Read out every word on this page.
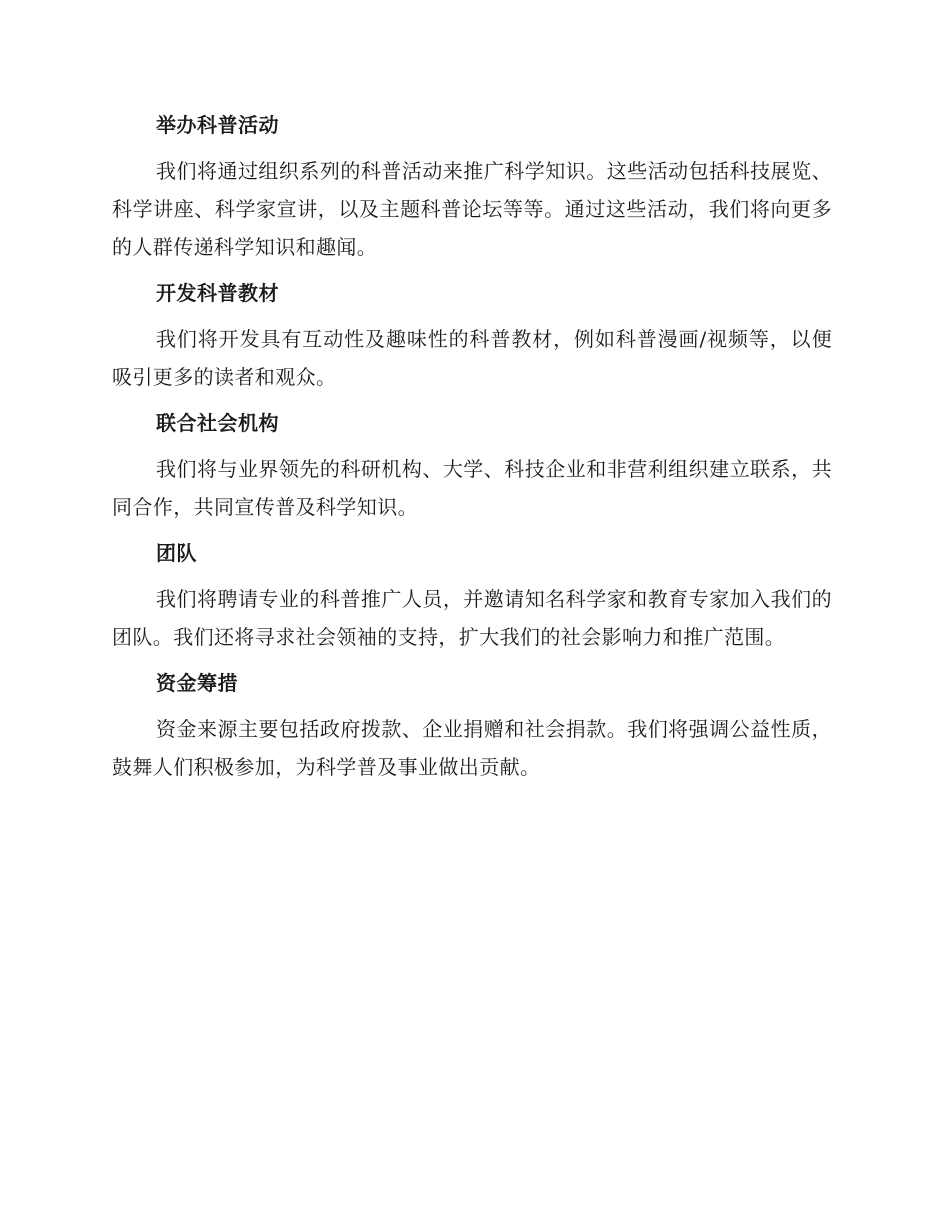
举办科普活动

我们将通过组织系列的科普活动来推广科学知识。这些活动包括科技展览、科学讲座、科学家宣讲，以及主题科普论坛等等。通过这些活动，我们将向更多的人群传递科学知识和趣闻。

开发科普教材

我们将开发具有互动性及趣味性的科普教材，例如科普漫画/视频等，以便吸引更多的读者和观众。

联合社会机构

我们将与业界领先的科研机构、大学、科技企业和非营利组织建立联系，共同合作，共同宣传普及科学知识。

团队

我们将聘请专业的科普推广人员，并邀请知名科学家和教育专家加入我们的团队。我们还将寻求社会领袖的支持，扩大我们的社会影响力和推广范围。

资金筹措

资金来源主要包括政府拨款、企业捐赠和社会捐款。我们将强调公益性质，鼓舞人们积极参加，为科学普及事业做出贡献。
